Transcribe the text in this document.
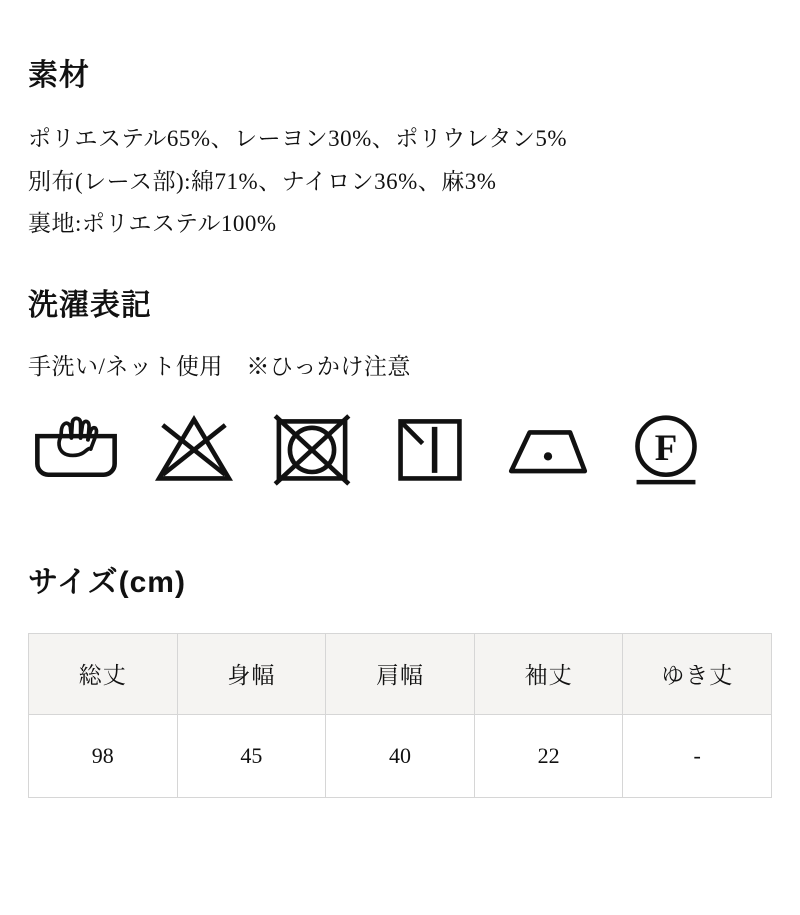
素材
ポリエステル65%、レーヨン30%、ポリウレタン5%
別布(レース部):綿71%、ナイロン36%、麻3%
裏地:ポリエステル100%
洗濯表記
手洗い/ネット使用　※ひっかけ注意
F
サイズ(cm)
総丈	身幅	肩幅	袖丈	ゆき丈
98	45	40	22	-
